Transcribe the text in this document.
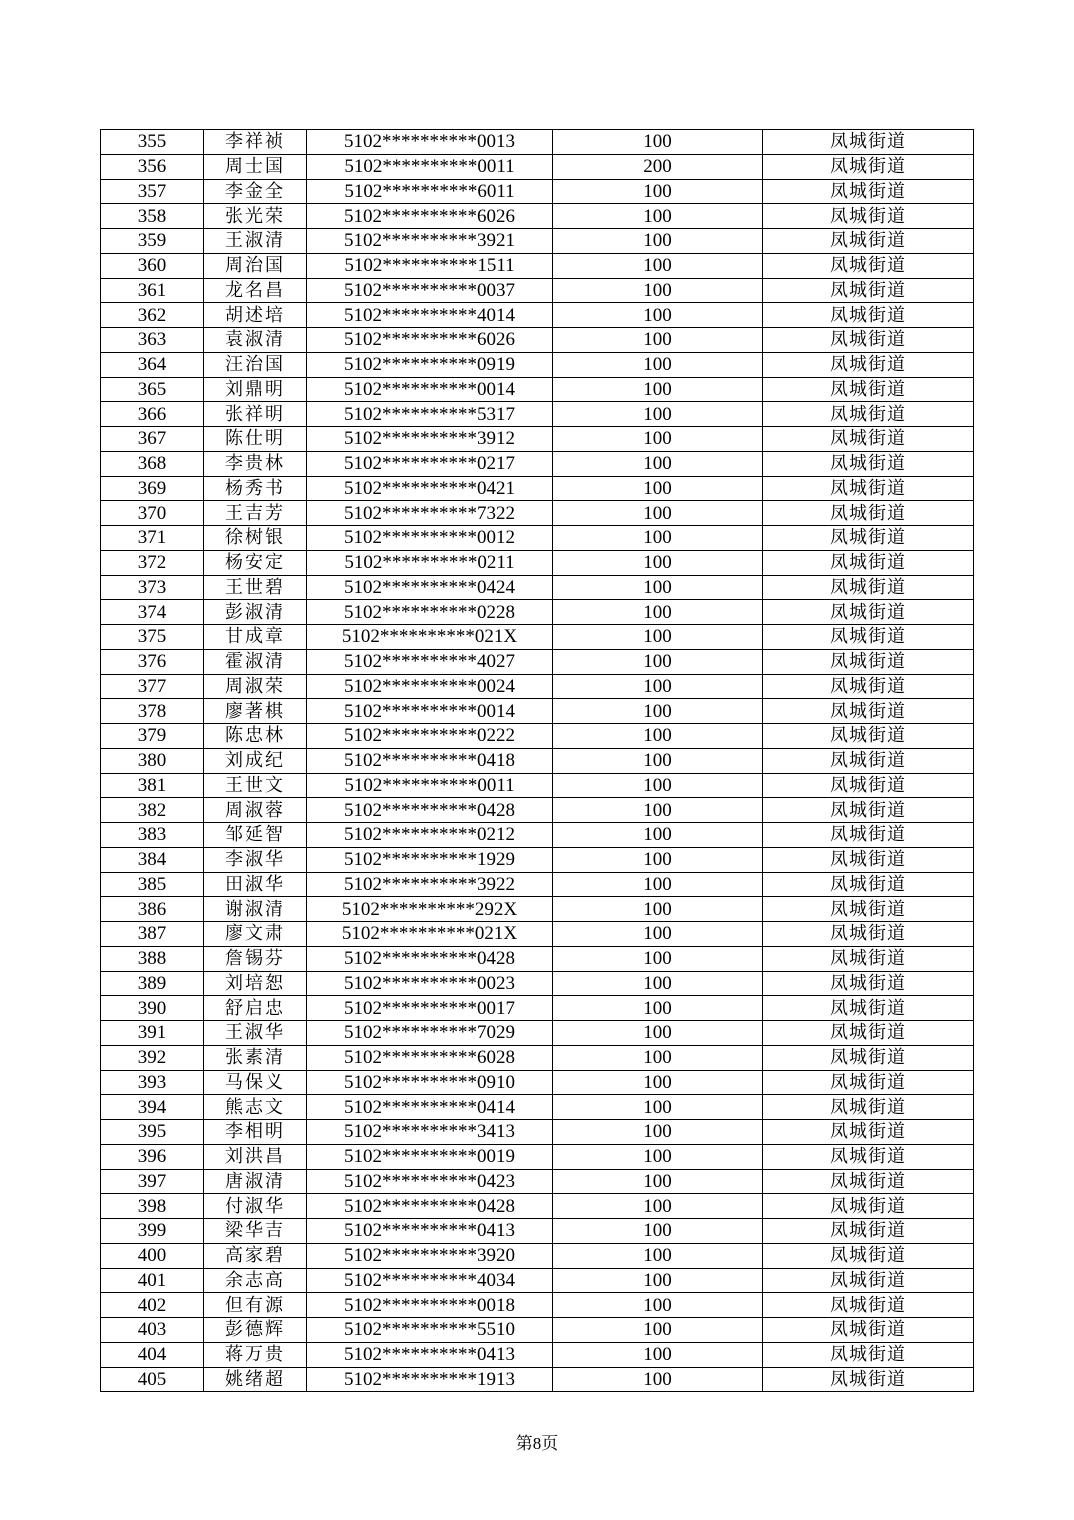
355	李祥祯	5102**********0013	100	凤城街道
356	周士国	5102**********0011	200	凤城街道
357	李金全	5102**********6011	100	凤城街道
358	张光荣	5102**********6026	100	凤城街道
359	王淑清	5102**********3921	100	凤城街道
360	周治国	5102**********1511	100	凤城街道
361	龙名昌	5102**********0037	100	凤城街道
362	胡述培	5102**********4014	100	凤城街道
363	袁淑清	5102**********6026	100	凤城街道
364	汪治国	5102**********0919	100	凤城街道
365	刘鼎明	5102**********0014	100	凤城街道
366	张祥明	5102**********5317	100	凤城街道
367	陈仕明	5102**********3912	100	凤城街道
368	李贵林	5102**********0217	100	凤城街道
369	杨秀书	5102**********0421	100	凤城街道
370	王吉芳	5102**********7322	100	凤城街道
371	徐树银	5102**********0012	100	凤城街道
372	杨安定	5102**********0211	100	凤城街道
373	王世碧	5102**********0424	100	凤城街道
374	彭淑清	5102**********0228	100	凤城街道
375	甘成章	5102**********021X	100	凤城街道
376	霍淑清	5102**********4027	100	凤城街道
377	周淑荣	5102**********0024	100	凤城街道
378	廖著棋	5102**********0014	100	凤城街道
379	陈忠林	5102**********0222	100	凤城街道
380	刘成纪	5102**********0418	100	凤城街道
381	王世文	5102**********0011	100	凤城街道
382	周淑蓉	5102**********0428	100	凤城街道
383	邹延智	5102**********0212	100	凤城街道
384	李淑华	5102**********1929	100	凤城街道
385	田淑华	5102**********3922	100	凤城街道
386	谢淑清	5102**********292X	100	凤城街道
387	廖文肃	5102**********021X	100	凤城街道
388	詹锡芬	5102**********0428	100	凤城街道
389	刘培恕	5102**********0023	100	凤城街道
390	舒启忠	5102**********0017	100	凤城街道
391	王淑华	5102**********7029	100	凤城街道
392	张素清	5102**********6028	100	凤城街道
393	马保义	5102**********0910	100	凤城街道
394	熊志文	5102**********0414	100	凤城街道
395	李相明	5102**********3413	100	凤城街道
396	刘洪昌	5102**********0019	100	凤城街道
397	唐淑清	5102**********0423	100	凤城街道
398	付淑华	5102**********0428	100	凤城街道
399	梁华吉	5102**********0413	100	凤城街道
400	高家碧	5102**********3920	100	凤城街道
401	余志高	5102**********4034	100	凤城街道
402	但有源	5102**********0018	100	凤城街道
403	彭德辉	5102**********5510	100	凤城街道
404	蒋万贵	5102**********0413	100	凤城街道
405	姚绪超	5102**********1913	100	凤城街道
第8页
